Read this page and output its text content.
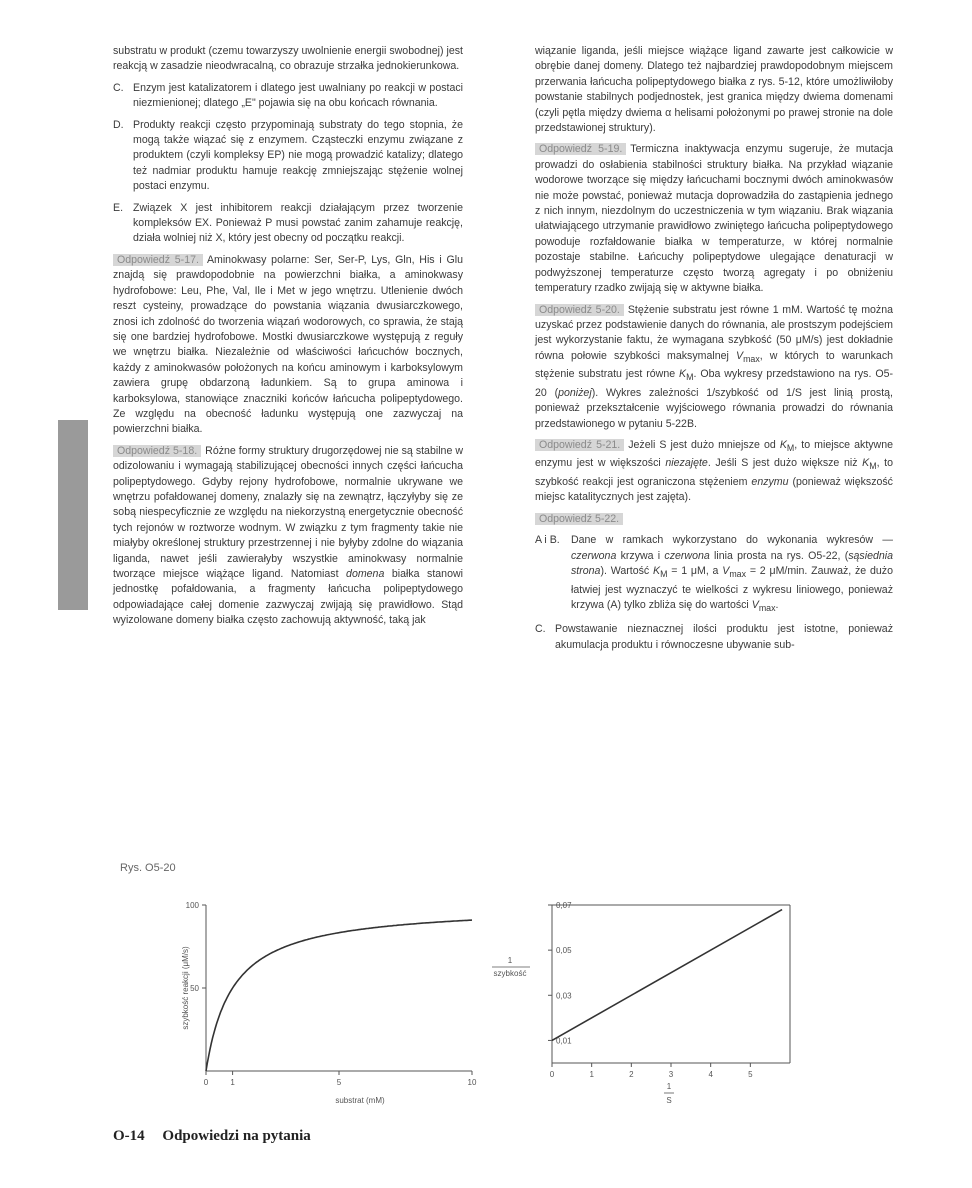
substratu w produkt (czemu towarzyszy uwolnienie energii swobodnej) jest reakcją w zasadzie nieodwracalną, co obrazuje strzałka jednokierunkowa.

C. Enzym jest katalizatorem i dlatego jest uwalniany po reakcji w postaci niezmienionej; dlatego „E" pojawia się na obu końcach równania.
D. Produkty reakcji często przypominają substraty do tego stopnia, że mogą także wiązać się z enzymem. Cząsteczki enzymu związane z produktem (czyli kompleksy EP) nie mogą prowadzić katalizy; dlatego też nadmiar produktu hamuje reakcję zmniejszając stężenie wolnej postaci enzymu.
E. Związek X jest inhibitorem reakcji działającym przez tworzenie kompleksów EX. Ponieważ P musi powstać zanim zahamuje reakcję, działa wolniej niż X, który jest obecny od początku reakcji.

Odpowiedź 5-17. Aminokwasy polarne: Ser, Ser-P, Lys, Gln, His i Glu znajdą się prawdopodobnie na powierzchni białka, a aminokwasy hydrofobowe: Leu, Phe, Val, Ile i Met w jego wnętrzu. Utlenienie dwóch reszt cysteiny, prowadzące do powstania wiązania dwusiarczkowego, znosi ich zdolność do tworzenia wiązań wodorowych, co sprawia, że stają się one bardziej hydrofobowe. Mostki dwusiarczkowe występują z reguły we wnętrzu białka. Niezależnie od właściwości łańcuchów bocznych, każdy z aminokwasów położonych na końcu aminowym i karboksylowym zawiera grupę obdarzoną ładunkiem. Są to grupa aminowa i karboksylowa, stanowiące znaczniki końców łańcucha polipeptydowego. Ze względu na obecność ładunku występują one zazwyczaj na powierzchni białka.

Odpowiedź 5-18. Różne formy struktury drugorzędowej nie są stabilne w odizolowaniu i wymagają stabilizującej obecności innych części łańcucha polipeptydowego. Gdyby rejony hydrofobowe, normalnie ukrywane we wnętrzu pofałdowanej domeny, znalazły się na zewnątrz, łączyłyby się ze sobą niespecyficznie ze względu na niekorzystną energetycznie obecność tych rejonów w roztworze wodnym. W związku z tym fragmenty takie nie miałyby określonej struktury przestrzennej i nie byłyby zdolne do wiązania liganda, nawet jeśli zawierałyby wszystkie aminokwasy normalnie tworzące miejsce wiążące ligand. Natomiast domena białka stanowi jednostkę pofałdowania, a fragmenty łańcucha polipeptydowego odpowiadające całej domenie zazwyczaj zwijają się prawidłowo. Stąd wyizolowane domeny białka często zachowują aktywność, taką jak

wiązanie liganda, jeśli miejsce wiążące ligand zawarte jest całkowicie w obrębie danej domeny. Dlatego też najbardziej prawdopodobnym miejscem przerwania łańcucha polipeptydowego białka z rys. 5-12, które umożliwiłoby powstanie stabilnych podjednostek, jest granica między dwiema domenami (czyli pętla między dwiema α helisami położonymi po prawej stronie na dole przedstawionej struktury).

Odpowiedź 5-19. Termiczna inaktywacja enzymu sugeruje, że mutacja prowadzi do osłabienia stabilności struktury białka. Na przykład wiązanie wodorowe tworzące się między łańcuchami bocznymi dwóch aminokwasów nie może powstać, ponieważ mutacja doprowadziła do zastąpienia jednego z nich innym, niezdolnym do uczestniczenia w tym wiązaniu. Brak wiązania ułatwiającego utrzymanie prawidłowo zwiniętego łańcucha polipeptydowego powoduje rozfałdowanie białka w temperaturze, w której normalnie pozostaje stabilne. Łańcuchy polipeptydowe ulegające denaturacji w podwyższonej temperaturze często tworzą agregaty i po obniżeniu temperatury rzadko zwijają się w aktywne białka.

Odpowiedź 5-20. Stężenie substratu jest równe 1 mM. Wartość tę można uzyskać przez podstawienie danych do równania, ale prostszym podejściem jest wykorzystanie faktu, że wymagana szybkość (50 μM/s) jest dokładnie równa połowie szybkości maksymalnej $V_{max}$, w których to warunkach stężenie substratu jest równe $K_M$. Oba wykresy przedstawiono na rys. O5-20 (poniżej). Wykres zależności 1/szybkość od 1/S jest linią prostą, ponieważ przekształcenie wyjściowego równania prowadzi do równania przedstawionego w pytaniu 5-22B.

Odpowiedź 5-21. Jeżeli S jest dużo mniejsze od $K_M$, to miejsce aktywne enzymu jest w większości niezajęte. Jeśli S jest dużo większe niż $K_M$, to szybkość reakcji jest ograniczona stężeniem enzymu (ponieważ większość miejsc katalitycznych jest zajęta).

Odpowiedź 5-22.

A i B.	Dane w ramkach wykorzystano do wykonania wykresów — czerwona krzywa i czerwona linia prosta na rys. O5-22, (sąsiednia strona). Wartość $K_M = 1$ μM, a $V_{max} = 2$ μM/min. Zauważ, że dużo łatwiej jest wyznaczyć te wielkości z wykresu liniowego, ponieważ krzywa (A) tylko zbliża się do wartości $V_{max}$.
C. Powstawanie nieznacznej ilości produktu jest istotne, ponieważ akumulacja produktu i równoczesne ubywanie sub-
Rys. O5-20
substrat (mM)
szybkość reakcji (μM/s)
0	1	5	10
50
100
1
szybkość
1
S
0	1	2	3	4	5
0,01
0,03
0,05
0,07
O-14 Odpowiedzi na pytania
